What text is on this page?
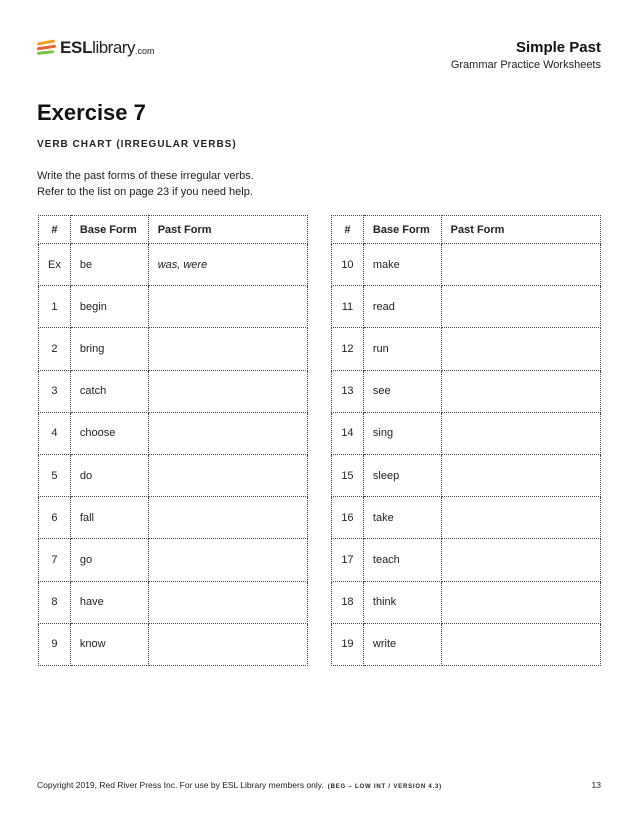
ESL library .com	Simple Past
Grammar Practice Worksheets
Exercise 7
VERB CHART (IRREGULAR VERBS)
Write the past forms of these irregular verbs.
Refer to the list on page 23 if you need help.
#	Base Form	Past Form
Ex	be	was, were
1	begin	
2	bring	
3	catch	
4	choose	
5	do	
6	fall	
7	go	
8	have	
9	know	
#	Base Form	Past Form
10	make	
11	read	
12	run	
13	see	
14	sing	
15	sleep	
16	take	
17	teach	
18	think	
19	write	
Copyright 2019, Red River Press Inc. For use by ESL Library members only. (BEG – LOW INT / VERSION 4.3)	13
